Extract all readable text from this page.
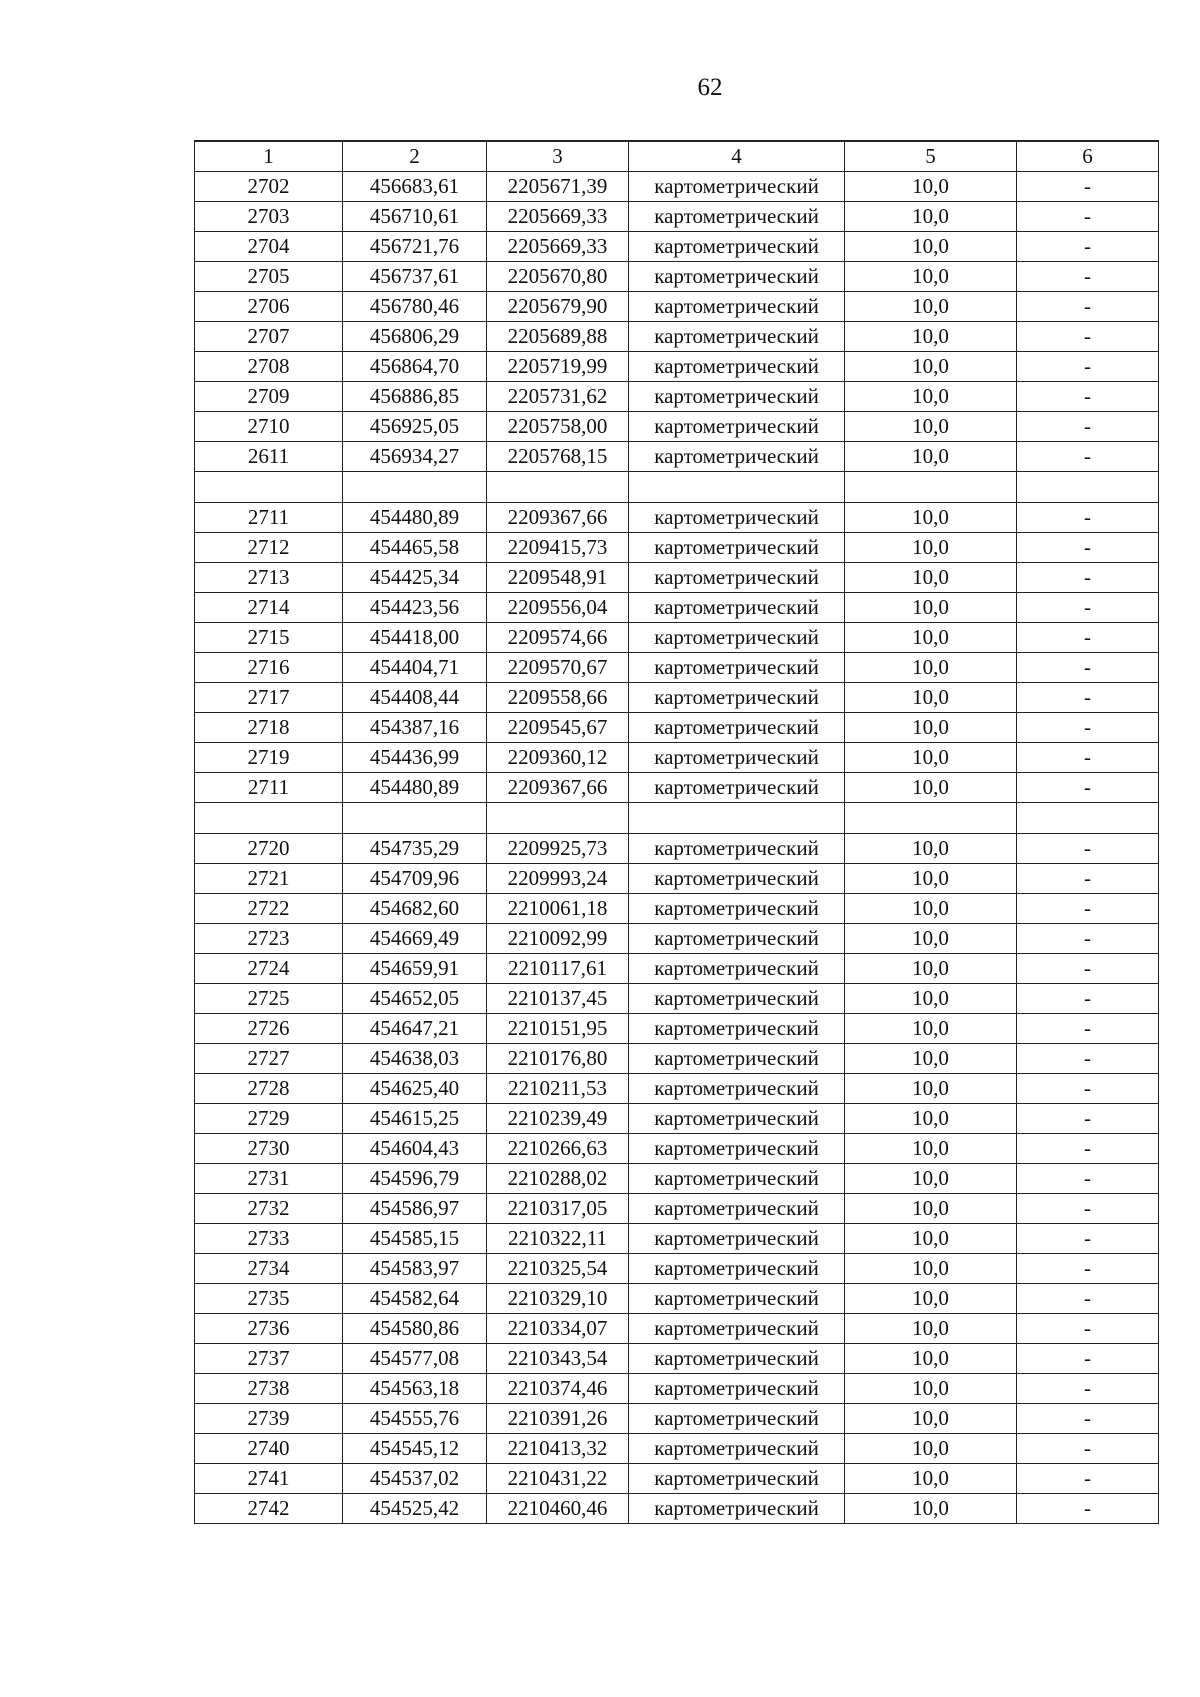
62
1	2	3	4	5	6
2702	456683,61	2205671,39	картометрический	10,0	-
2703	456710,61	2205669,33	картометрический	10,0	-
2704	456721,76	2205669,33	картометрический	10,0	-
2705	456737,61	2205670,80	картометрический	10,0	-
2706	456780,46	2205679,90	картометрический	10,0	-
2707	456806,29	2205689,88	картометрический	10,0	-
2708	456864,70	2205719,99	картометрический	10,0	-
2709	456886,85	2205731,62	картометрический	10,0	-
2710	456925,05	2205758,00	картометрический	10,0	-
2611	456934,27	2205768,15	картометрический	10,0	-

2711	454480,89	2209367,66	картометрический	10,0	-
2712	454465,58	2209415,73	картометрический	10,0	-
2713	454425,34	2209548,91	картометрический	10,0	-
2714	454423,56	2209556,04	картометрический	10,0	-
2715	454418,00	2209574,66	картометрический	10,0	-
2716	454404,71	2209570,67	картометрический	10,0	-
2717	454408,44	2209558,66	картометрический	10,0	-
2718	454387,16	2209545,67	картометрический	10,0	-
2719	454436,99	2209360,12	картометрический	10,0	-
2711	454480,89	2209367,66	картометрический	10,0	-

2720	454735,29	2209925,73	картометрический	10,0	-
2721	454709,96	2209993,24	картометрический	10,0	-
2722	454682,60	2210061,18	картометрический	10,0	-
2723	454669,49	2210092,99	картометрический	10,0	-
2724	454659,91	2210117,61	картометрический	10,0	-
2725	454652,05	2210137,45	картометрический	10,0	-
2726	454647,21	2210151,95	картометрический	10,0	-
2727	454638,03	2210176,80	картометрический	10,0	-
2728	454625,40	2210211,53	картометрический	10,0	-
2729	454615,25	2210239,49	картометрический	10,0	-
2730	454604,43	2210266,63	картометрический	10,0	-
2731	454596,79	2210288,02	картометрический	10,0	-
2732	454586,97	2210317,05	картометрический	10,0	-
2733	454585,15	2210322,11	картометрический	10,0	-
2734	454583,97	2210325,54	картометрический	10,0	-
2735	454582,64	2210329,10	картометрический	10,0	-
2736	454580,86	2210334,07	картометрический	10,0	-
2737	454577,08	2210343,54	картометрический	10,0	-
2738	454563,18	2210374,46	картометрический	10,0	-
2739	454555,76	2210391,26	картометрический	10,0	-
2740	454545,12	2210413,32	картометрический	10,0	-
2741	454537,02	2210431,22	картометрический	10,0	-
2742	454525,42	2210460,46	картометрический	10,0	-
